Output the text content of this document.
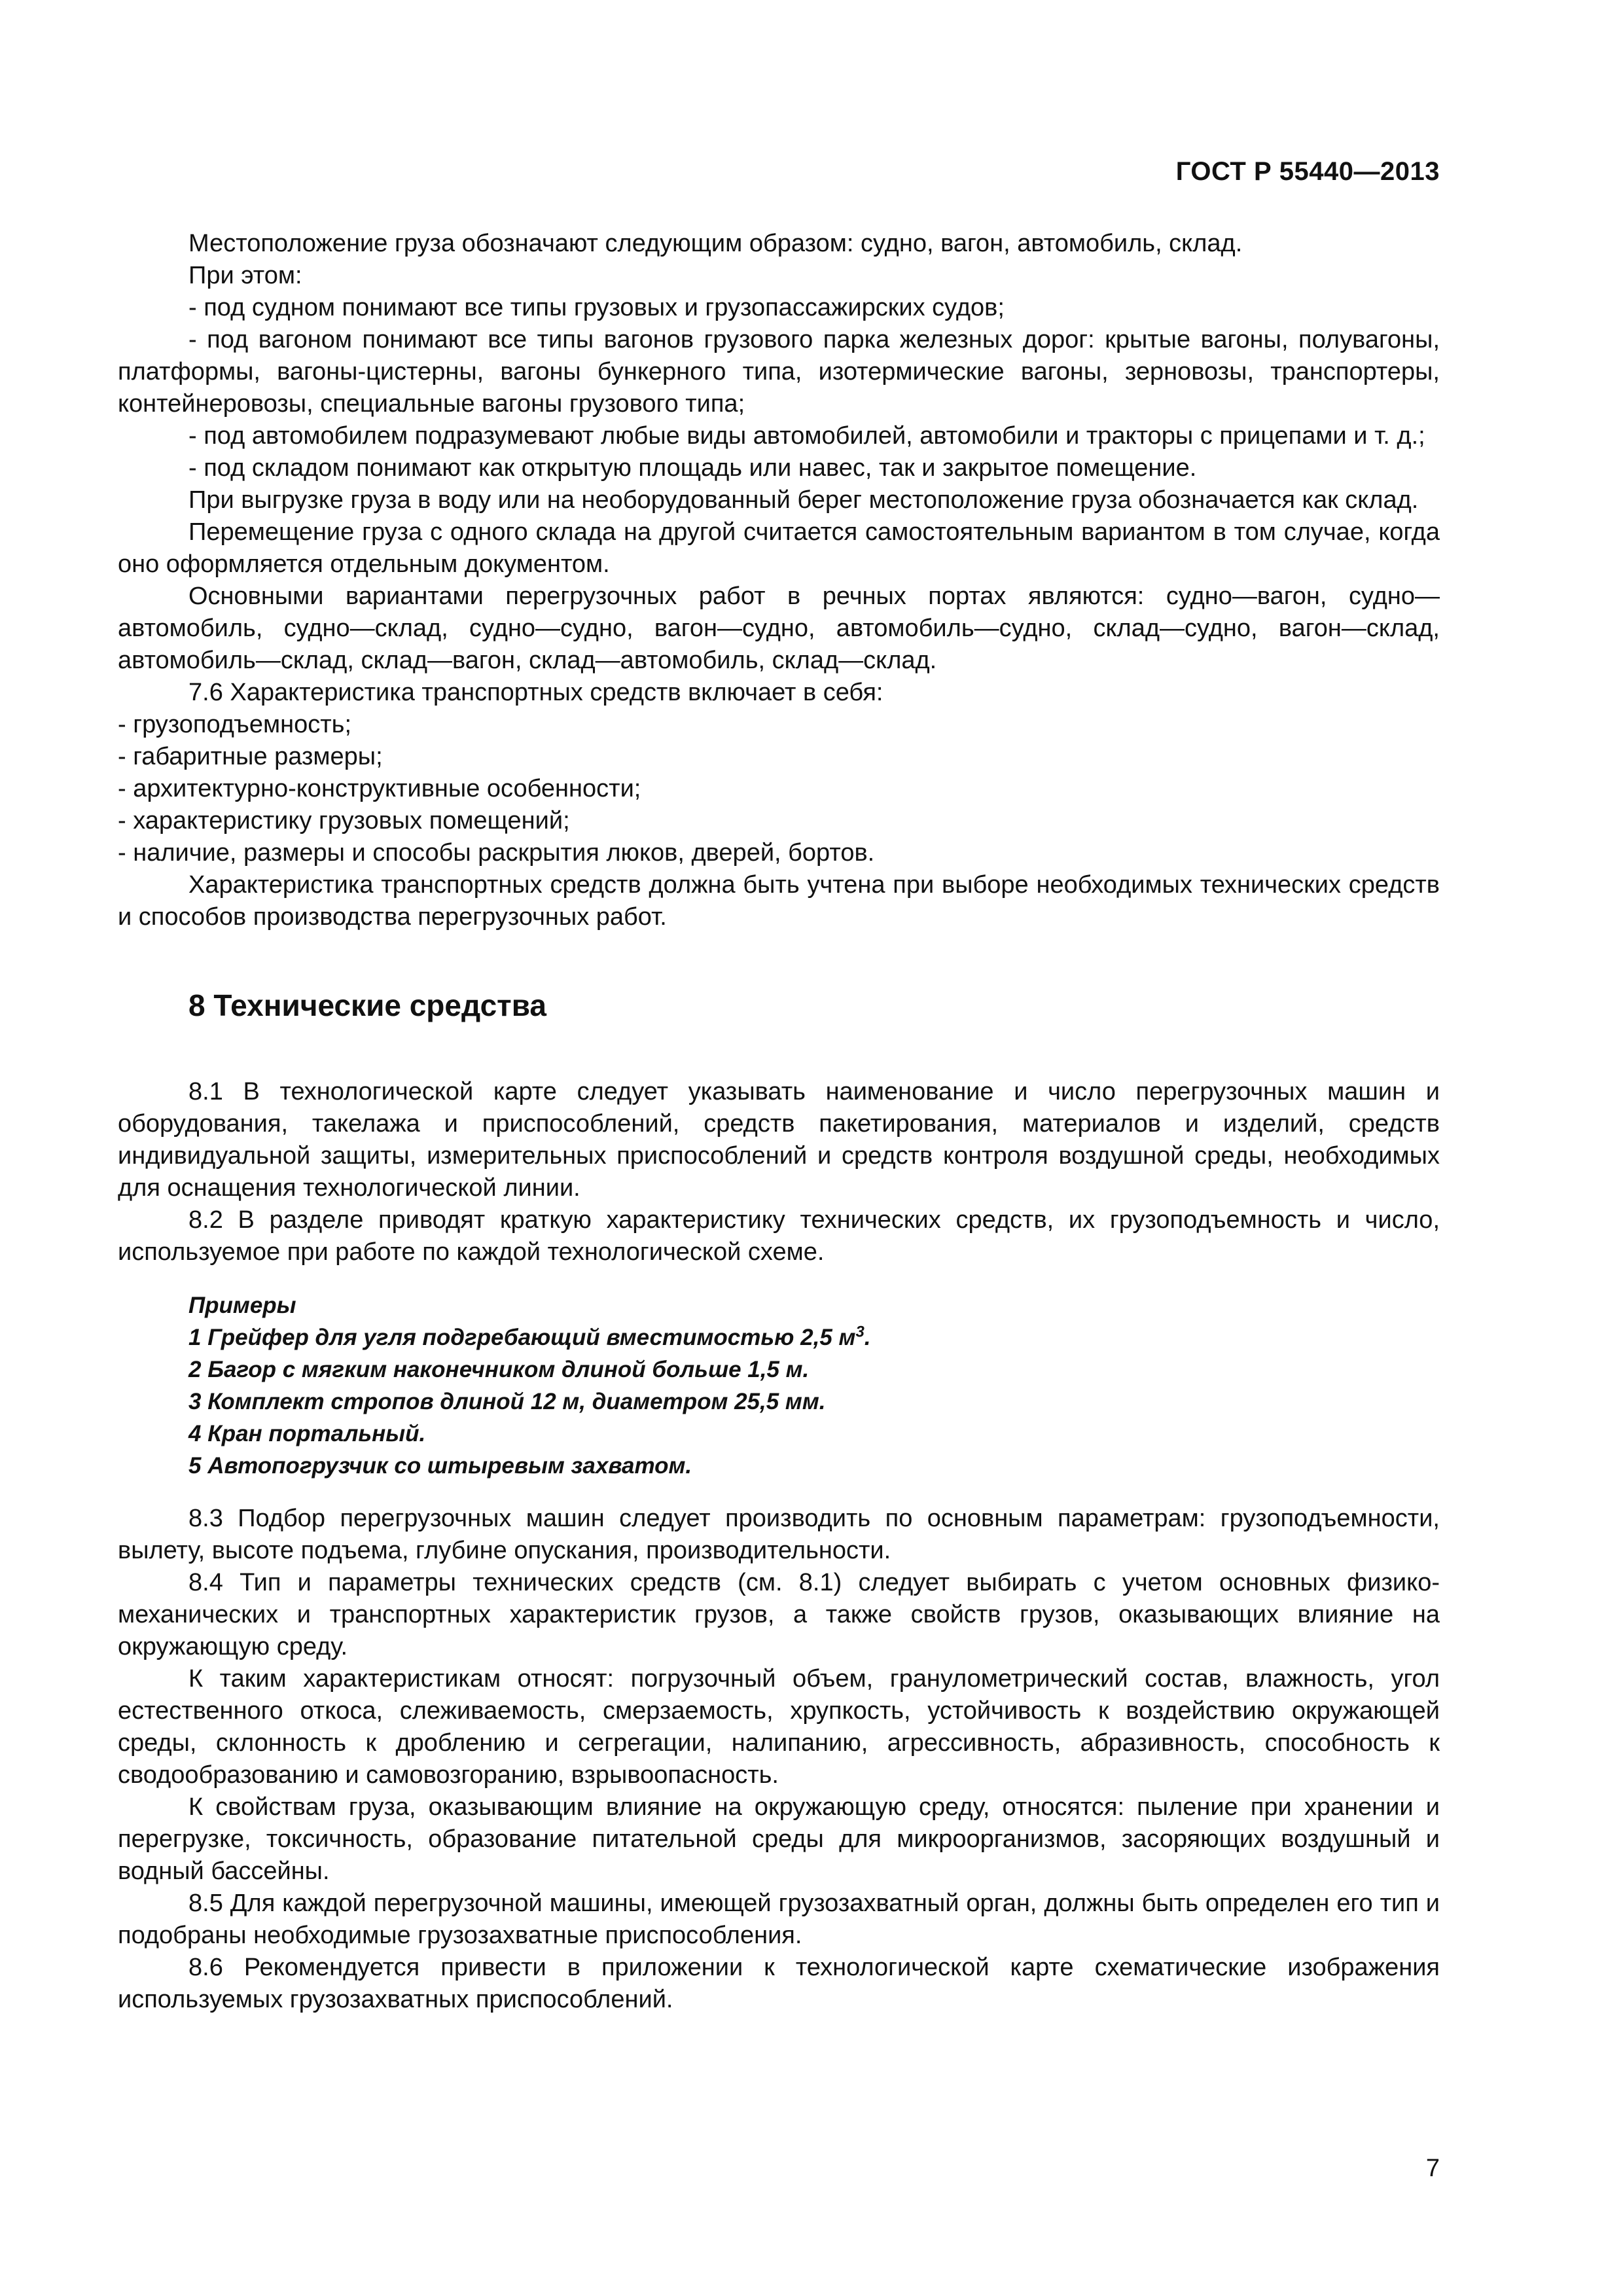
ГОСТ Р 55440—2013

Местоположение груза обозначают следующим образом: судно, вагон, автомобиль, склад.

При этом:

- под судном понимают все типы грузовых и грузопассажирских судов;

- под вагоном понимают все типы вагонов грузового парка железных дорог: крытые вагоны, полувагоны, платформы, вагоны-цистерны, вагоны бункерного типа, изотермические вагоны, зерновозы, транспортеры, контейнеровозы, специальные вагоны грузового типа;

- под автомобилем подразумевают любые виды автомобилей, автомобили и тракторы с прицепами и т. д.;

- под складом понимают как открытую площадь или навес, так и закрытое помещение.

При выгрузке груза в воду или на необорудованный берег местоположение груза обозначается как склад.

Перемещение груза с одного склада на другой считается самостоятельным вариантом в том случае, когда оно оформляется отдельным документом.

Основными вариантами перегрузочных работ в речных портах являются: судно—вагон, судно—автомобиль, судно—склад, судно—судно, вагон—судно, автомобиль—судно, склад—судно, вагон—склад, автомобиль—склад, склад—вагон, склад—автомобиль, склад—склад.

7.6 Характеристика транспортных средств включает в себя:

- грузоподъемность;

- габаритные размеры;

- архитектурно-конструктивные особенности;

- характеристику грузовых помещений;

- наличие, размеры и способы раскрытия люков, дверей, бортов.

Характеристика транспортных средств должна быть учтена при выборе необходимых технических средств и способов производства перегрузочных работ.

8 Технические средства

8.1 В технологической карте следует указывать наименование и число перегрузочных машин и оборудования, такелажа и приспособлений, средств пакетирования, материалов и изделий, средств индивидуальной защиты, измерительных приспособлений и средств контроля воздушной среды, необходимых для оснащения технологической линии.

8.2 В разделе приводят краткую характеристику технических средств, их грузоподъемность и число, используемое при работе по каждой технологической схеме.

Примеры
1 Грейфер для угля подгребающий вместимостью 2,5 $м^3$.
2 Багор с мягким наконечником длиной больше 1,5 м.
3 Комплект стропов длиной 12 м, диаметром 25,5 мм.
4 Кран портальный.
5 Автопогрузчик со штыревым захватом.

8.3 Подбор перегрузочных машин следует производить по основным параметрам: грузоподъемности, вылету, высоте подъема, глубине опускания, производительности.

8.4 Тип и параметры технических средств (см. 8.1) следует выбирать с учетом основных физико-механических и транспортных характеристик грузов, а также свойств грузов, оказывающих влияние на окружающую среду.

К таким характеристикам относят: погрузочный объем, гранулометрический состав, влажность, угол естественного откоса, слеживаемость, смерзаемость, хрупкость, устойчивость к воздействию окружающей среды, склонность к дроблению и сегрегации, налипанию, агрессивность, абразивность, способность к сводообразованию и самовозгоранию, взрывоопасность.

К свойствам груза, оказывающим влияние на окружающую среду, относятся: пыление при хранении и перегрузке, токсичность, образование питательной среды для микроорганизмов, засоряющих воздушный и водный бассейны.

8.5 Для каждой перегрузочной машины, имеющей грузозахватный орган, должны быть определен его тип и подобраны необходимые грузозахватные приспособления.

8.6 Рекомендуется привести в приложении к технологической карте схематические изображения используемых грузозахватных приспособлений.

7
